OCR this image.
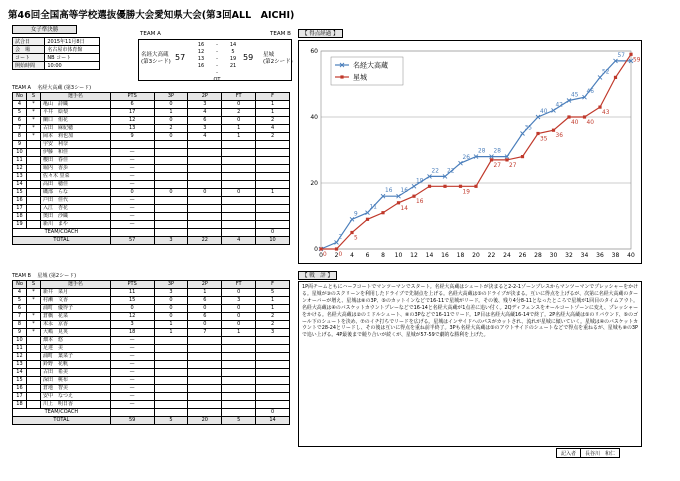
第46回全国高等学校選抜優勝大会愛知県大会(第3回ALL　AICHI)
女子準決勝
試合日	2015年11月8日
会　場	名古屋市体育館
コート	NB コート
開始時間	10:00
TEAM A	TEAM B
名経大高蔵
(第3シード) 57
16	-	14
12	-	5
13	-	19
16	-	21
-
OT
59 星城
(第2シード)
TEAM A 名経大高蔵 (第3シード)
No	S	選手名	PTS	3P	2P	FT	F
4	*	亀山　詩織	6	0	3	0	1
5	*	平井　絵梨	17	1	4	2	1
6	*	蘭口　侑花	12	0	6	0	2
7	*	古田　麻紀穂	13	2	3	1	4
8	*	岡本　莉也加	9	0	4	1	2
9		宇安　利奈					
10		伊藤　和佳	—				
11		櫻田　春佳	—				
12		堀内　香歩	—				
13		佐々木 里菜	—				
14		高田　穂佳	—				
15		磯部　らな	0	0	0	0	1
16		戸田　佳代	—				
17		入江　杏花	—				
18		奥田　沙織	—				
19		新川　まや	—				
TEAM/COACH							0
TOTAL			57	3	22	4	10
TEAM B 星城 (第2シード)
No	S	選手名	PTS	3P	2P	FT	F
4	*	新井　菜月	11	3	1	0	5
5	*	村瀬　文香	15	0	6	3	1
6		浦町　優得子	0	0	0	0	1
7	*	倉橋　花菜	12	0	6	0	2
8	*	末永　京香	3	1	0	0	2
9	*	大嶋　見英	18	1	7	1	3
10		畑本　悠	—				
11		足達　美	—				
12		浦町　葉菜子	—				
13		鈴野　花帆	—				
14		古田　希美	—				
15		深田　桃布	—				
16		倉地　智美	—				
17		安中　なつえ	—				
18		川上　明日香	—				
TEAM/COACH							0
TOTAL			59	5	20	5	14
【 得点経過 】
0
20
40
60
0 2 4 6 8 10 12 14 16 18 20 22 24 26 28 30 32 34 36 38 40
2
9
11
16 16
19
22 22
26
28 28
35
40
42
45
46
52
57
0 0
5
14
16
19
27 27
35
36
40 40
43
59
名経大高蔵
星城
【 戦　評 】
1P両チームともにハーフコートでマンツーマンでスタート。名経大高蔵はシュートが決まると2-2-1ゾーンプレスからマンツーマンでプレッシャーをかける。星城が③のスクリーンを利用したドライブで先制点を上げる。名経大高蔵は⑤のドライブが決まる。互いに得点を上げるが、次第に名経大高蔵のターンオーバーが増え、星城は⑧の3P、⑤のカットインなどで16-11で星城がリード。その後、残り4分8-11となったところで星城が1回目のタイムアウト。名経大高蔵は④のバスケットカウントプレーなどで16-14と名経大高蔵が1点差に追い付く。2Qディフェンスをオールコートゾーンに変え、プレッシャーをかける。名経大高蔵は②のミドルシュート、⑧の3Pなどで16-11でリード。1P目は名経大高蔵16-14で終了。2P名経大高蔵は⑤のリバウンド、⑤のゴール下のシュートを決め、⑦のイチ打ちでリードを広げる。星城はインサイドへのパスがカットされ、流れが星城に傾いていく。星城は④のバスケットカウントで28-24とリードし、その後は互いに得点を重ね前半終了。3Pも名経大高蔵は⑤のアウトサイドのシュートなどで得点を重ねるが、星城も⑧の3Pで追い上げる。4P最後まで競り合いが続くが、星城が57-59で劇的な勝利を上げた。
記入者	長谷川　和仁
